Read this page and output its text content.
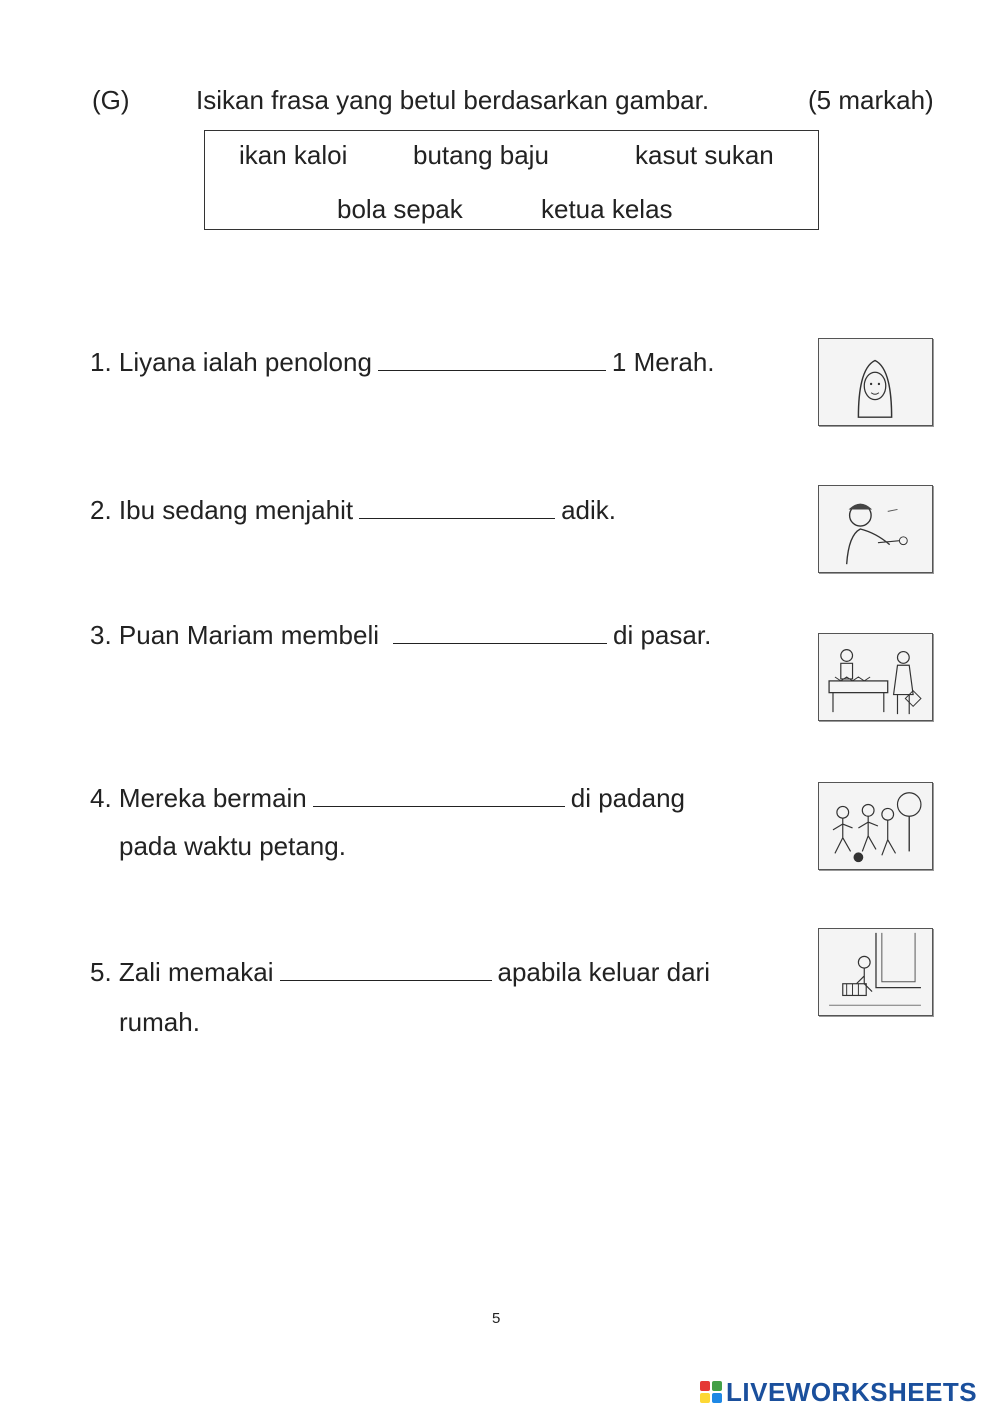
(G)	Isikan frasa yang betul berdasarkan gambar.	(5 markah)
ikan kaloi	butang baju	kasut sukan
bola sepak	ketua kelas
1. Liyana ialah penolong	1 Merah.
2. Ibu sedang menjahit	adik.
3. Puan Mariam membeli	di pasar.
4. Mereka bermain	di padang
pada waktu petang.
5. Zali memakai	apabila keluar dari
rumah.
5
LIVEWORKSHEETS
